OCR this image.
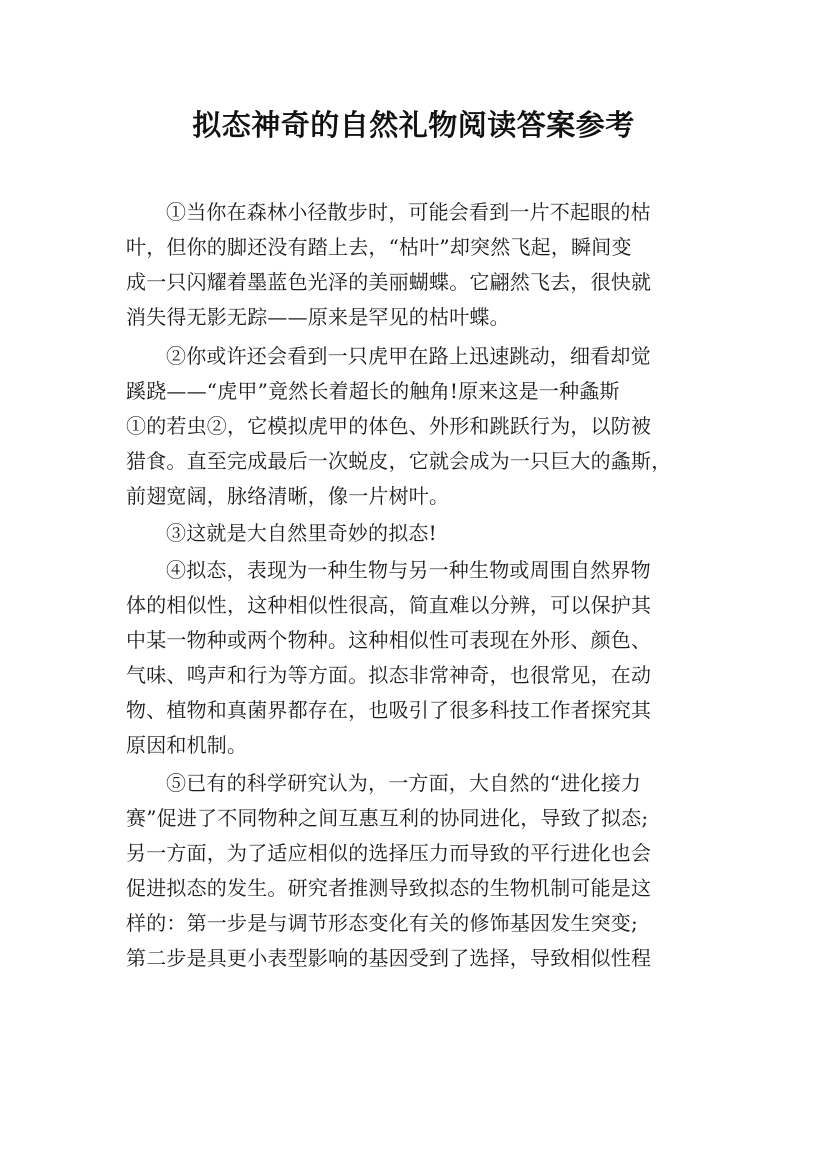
拟态神奇的自然礼物阅读答案参考
①当你在森林小径散步时，可能会看到一片不起眼的枯
叶，但你的脚还没有踏上去，“枯叶”却突然飞起，瞬间变
成一只闪耀着墨蓝色光泽的美丽蝴蝶。它翩然飞去，很快就
消失得无影无踪——原来是罕见的枯叶蝶。
②你或许还会看到一只虎甲在路上迅速跳动，细看却觉
蹊跷——“虎甲”竟然长着超长的触角!原来这是一种螽斯
①的若虫②，它模拟虎甲的体色、外形和跳跃行为，以防被
猎食。直至完成最后一次蜕皮，它就会成为一只巨大的螽斯，
前翅宽阔，脉络清晰，像一片树叶。
③这就是大自然里奇妙的拟态!
④拟态，表现为一种生物与另一种生物或周围自然界物
体的相似性，这种相似性很高，简直难以分辨，可以保护其
中某一物种或两个物种。这种相似性可表现在外形、颜色、
气味、鸣声和行为等方面。拟态非常神奇，也很常见，在动
物、植物和真菌界都存在，也吸引了很多科技工作者探究其
原因和机制。
⑤已有的科学研究认为，一方面，大自然的“进化接力
赛”促进了不同物种之间互惠互利的协同进化，导致了拟态;
另一方面，为了适应相似的选择压力而导致的平行进化也会
促进拟态的发生。研究者推测导致拟态的生物机制可能是这
样的：第一步是与调节形态变化有关的修饰基因发生突变;
第二步是具更小表型影响的基因受到了选择，导致相似性程
